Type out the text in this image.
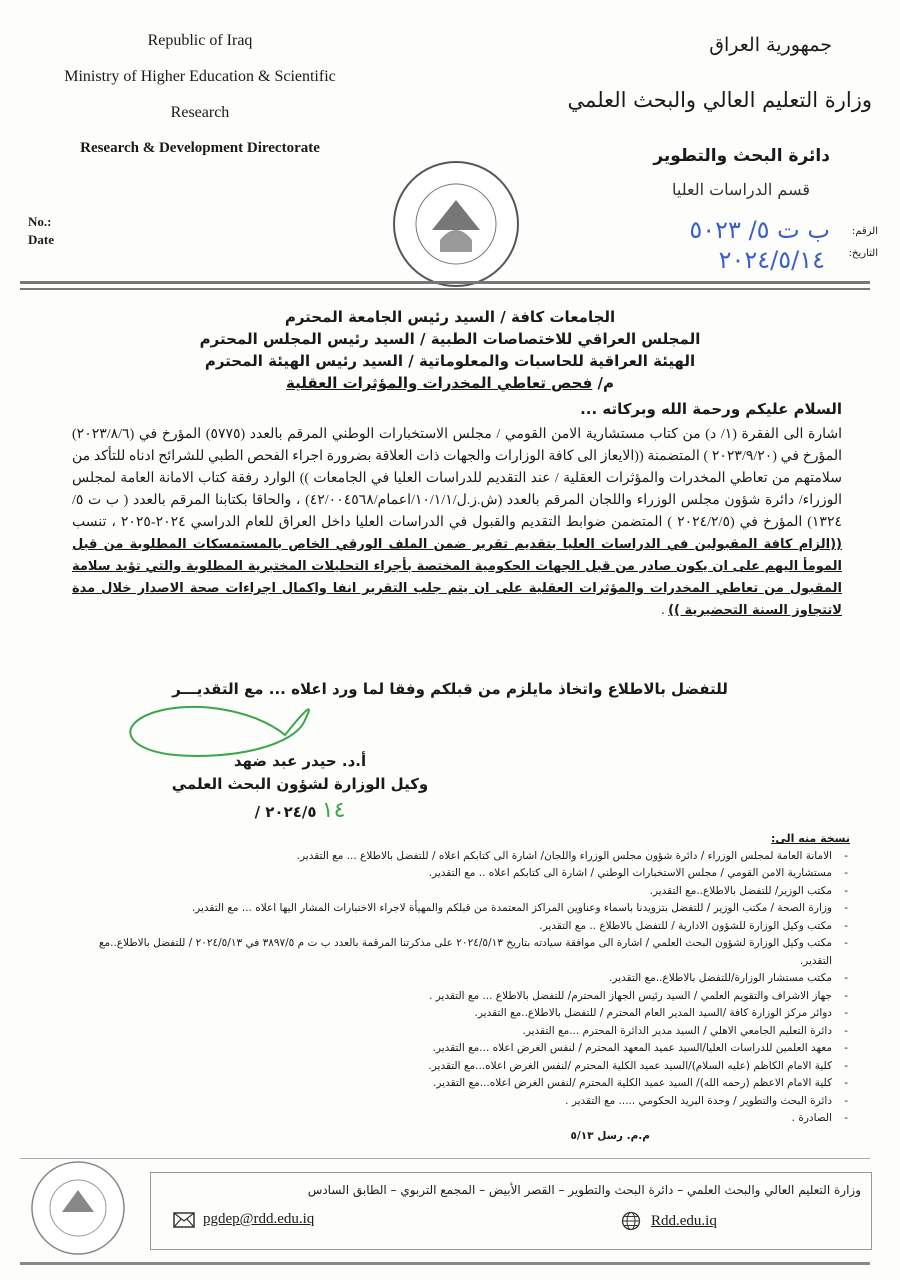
Republic of Iraq
Ministry of Higher Education & Scientific
Research
Research & Development Directorate
No.:
Date
جمهورية العراق
وزارة التعليم العالي والبحث العلمي
دائرة البحث والتطوير
قسم الدراسات العليا
الرقم:
التاريخ:
ب ت ٥/ ٥٠٢٣
٢٠٢٤/٥/١٤
الجامعات كافة / السيد رئيس الجامعة المحترم
المجلس العراقي للاختصاصات الطبية / السيد رئيس المجلس المحترم
الهيئة العراقية للحاسبات والمعلوماتية / السيد رئيس الهيئة المحترم
م/ فحص تعاطي المخدرات والمؤثرات العقلية
السلام عليكم ورحمة الله وبركاته ...
اشارة الى الفقرة (١/ د) من كتاب مستشارية الامن القومي / مجلس الاستخبارات الوطني المرقم بالعدد (٥٧٧٥) المؤرخ في (٢٠٢٣/٨/٦) المؤرخ في (٢٠٢٣/٩/٢٠ ) المتضمنة ((الايعاز الى كافة الوزارات والجهات ذات العلاقة بضرورة اجراء الفحص الطبي للشرائح ادناه للتأكد من سلامتهم من تعاطي المخدرات والمؤثرات العقلية / عند التقديم للدراسات العليا في الجامعات )) الوارد رفقة كتاب الامانة العامة لمجلس الوزراء/ دائرة شؤون مجلس الوزراء واللجان المرقم بالعدد (ش.ز.ل/١٠/١/١/اعمام/٤٢/٠٠٤٥٦٨) ، والحاقا بكتابنا المرقم بالعدد ( ب ت ٥/ ١٣٢٤) المؤرخ في (٢٠٢٤/٢/٥ ) المتضمن ضوابط التقديم والقبول في الدراسات العليا داخل العراق للعام الدراسي ٢٠٢٤-٢٠٢٥ ، تنسب ((الزام كافة المقبولين في الدراسات العليا بتقديم تقرير ضمن الملف الورقي الخاص بالمستمسكات المطلوبة من قبل المومأ اليهم على ان يكون صادر من قبل الجهات الحكومية المختصة بأجراء التحليلات المختبرية المطلوبة والتي تؤيد سلامة المقبول من تعاطي المخدرات والمؤثرات العقلية على ان يتم جلب التقرير انفا واكمال اجراءات صحة الاصدار خلال مدة لاتتجاوز السنة التحضيرية )) .
للتفضل بالاطلاع واتخاذ مايلزم من قبلكم وفقا لما ورد اعلاه ... مع التقديـــر
أ.د. حيدر عبد ضهد
وكيل الوزارة لشؤون البحث العلمي
١٤ ٢٠٢٤/٥ /
نسخة منه الى:
- الامانة العامة لمجلس الوزراء / دائرة شؤون مجلس الوزراء واللجان/ اشارة الى كتابكم اعلاه / للتفضل بالاطلاع ... مع التقدير.
- مستشارية الامن القومي / مجلس الاستخبارات الوطني / اشارة الى كتابكم اعلاه .. مع التقدير.
- مكتب الوزير/ للتفضل بالاطلاع..مع التقدير.
- وزارة الصحة / مكتب الوزير / للتفضل بتزويدنا باسماء وعناوين المراكز المعتمدة من قبلكم والمهيأة لاجراء الاختبارات المشار اليها اعلاه ... مع التقدير.
- مكتب وكيل الوزارة للشؤون الادارية / للتفضل بالاطلاع .. مع التقدير.
- مكتب وكيل الوزارة لشؤون البحث العلمي / اشارة الى موافقة سيادته بتاريخ ٢٠٢٤/٥/١٣ على مذكرتنا المرقمة بالعدد ب ت م ٣٨٩٧/٥ في ٢٠٢٤/٥/١٣ / للتفضل بالاطلاع..مع التقدير.
- مكتب مستشار الوزارة/للتفضل بالاطلاع..مع التقدير.
- جهاز الاشراف والتقويم العلمي / السيد رئيس الجهاز المحترم/ للتفضل بالاطلاع ... مع التقدير .
- دوائر مركز الوزارة كافة /السيد المدير العام المحترم / للتفضل بالاطلاع..مع التقدير.
- دائرة التعليم الجامعي الاهلي / السيد مدير الدائرة المحترم ...مع التقدير.
- معهد العلمين للدراسات العليا/السيد عميد المعهد المحترم / لنفس الغرض اعلاه ...مع التقدير.
- كلية الامام الكاظم (عليه السلام)/السيد عميد الكلية المحترم /لنفس الغرض اعلاه...مع التقدير.
- كلية الامام الاعظم (رحمه الله)/ السيد عميد الكلية المحترم /لنفس الغرض اعلاه...مع التقدير.
- دائرة البحث والتطوير / وحدة البريد الحكومي ..... مع التقدير .
- الصادرة .
م.م. رسل ٥/١٣
وزارة التعليم العالي والبحث العلمي – دائرة البحث والتطوير – القصر الأبيض – المجمع التربوي – الطابق السادس
pgdep@rdd.edu.iq	Rdd.edu.iq
